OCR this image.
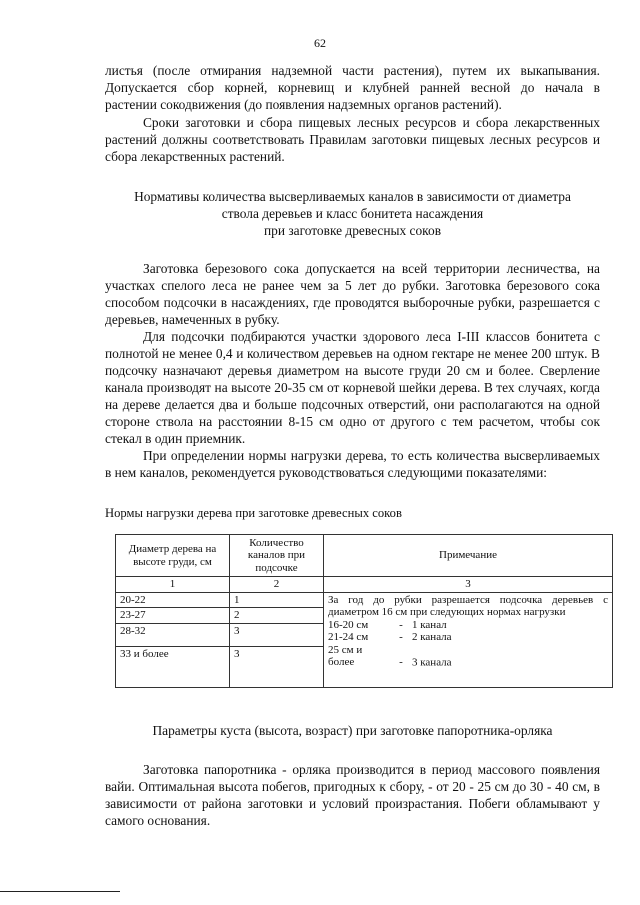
62

листья (после отмирания надземной части растения), путем их выкапывания.
Допускается сбор корней, корневищ и клубней ранней весной до начала в
растении сокодвижения (до появления надземных органов растений).

Сроки заготовки и сбора пищевых лесных ресурсов и сбора лекарственных растений должны соответствовать Правилам заготовки пищевых лесных ресурсов и сбора лекарственных растений.

Нормативы количества высверливаемых каналов в зависимости от диаметра
ствола деревьев и класс бонитета насаждения
при заготовке древесных соков

Заготовка березового сока допускается на всей территории лесничества, на участках спелого леса не ранее чем за 5 лет до рубки. Заготовка березового сока способом подсочки в насаждениях, где проводятся выборочные рубки, разрешается с деревьев, намеченных в рубку.

Для подсочки подбираются участки здорового леса I-III классов бонитета с полнотой не менее 0,4 и количеством деревьев на одном гектаре не менее 200 штук. В подсочку назначают деревья диаметром на высоте груди 20 см и более. Сверление канала производят на высоте 20-35 см от корневой шейки дерева. В тех случаях, когда на дереве делается два и больше подсочных отверстий, они располагаются на одной стороне ствола на расстоянии 8-15 см одно от другого с тем расчетом, чтобы сок стекал в один приемник.

При определении нормы нагрузки дерева, то есть количества высверливаемых в нем каналов, рекомендуется руководствоваться следующими показателями:

Нормы нагрузки дерева при заготовке древесных соков

Диаметр дерева на высоте груди, см	Количество каналов при подсочке	Примечание
1	2	3
20-22	1	За год до рубки разрешается подсочка деревьев с диаметром 16 см при следующих нормах нагрузки
16-20 см - 1 канал
21-24 см - 2 канала
25 см и более - 3 канала

23-27	2	
28-32	3	
33 и более	3	
Параметры куста (высота, возраст) при заготовке папоротника-орляка

Заготовка папоротника - орляка производится в период массового появления вайи. Оптимальная высота побегов, пригодных к сбору, - от 20 - 25 см до 30 - 40 см, в зависимости от района заготовки и условий произрастания. Побеги обламывают у самого основания.
